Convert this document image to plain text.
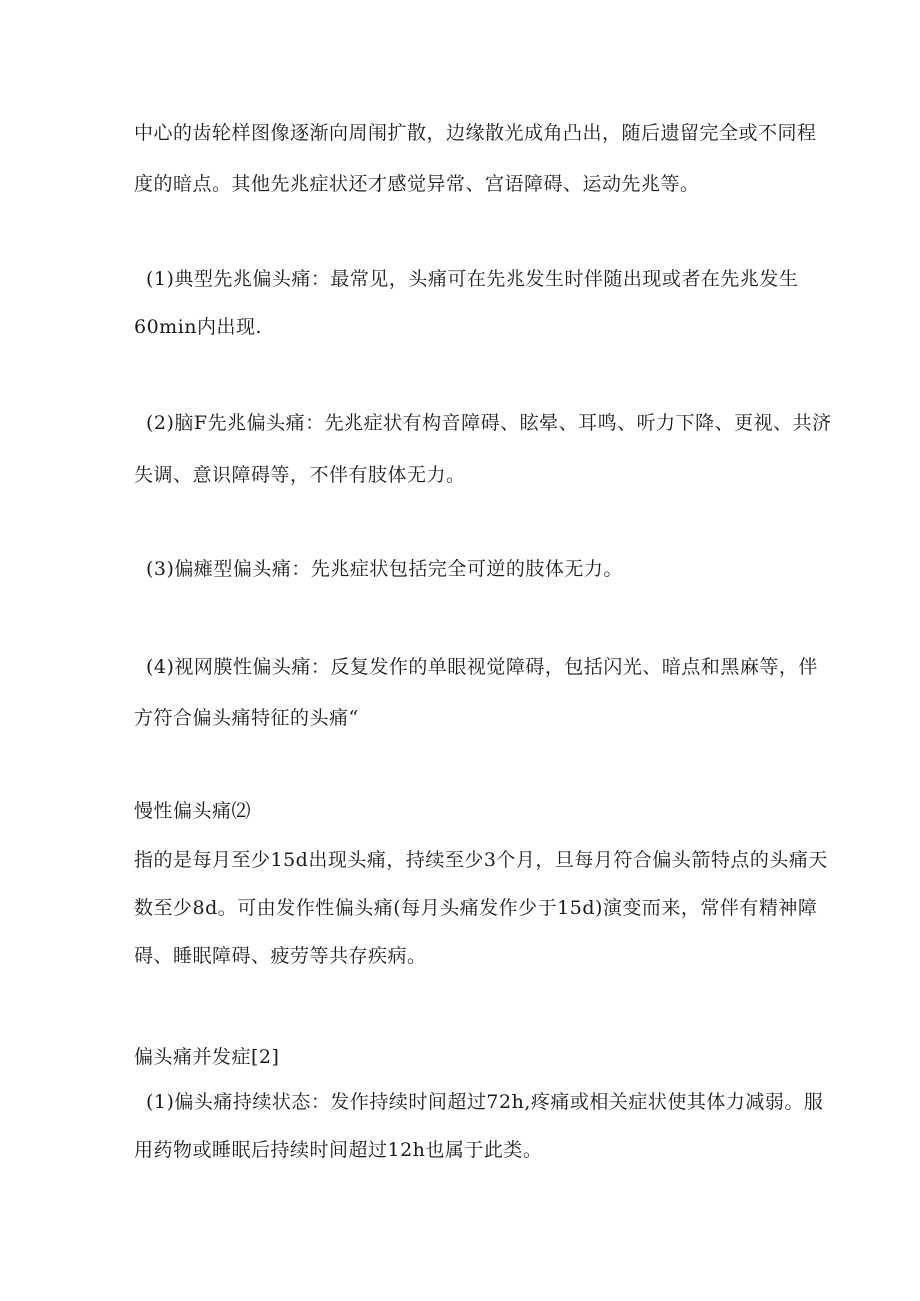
中心的齿轮样图像逐渐向周闱扩散，边缘散光成角凸出，随后遗留完全或不同程
度的暗点。其他先兆症状还才感觉异常、宫语障碍、运动先兆等。
(1)典型先兆偏头痛：最常见，头痛可在先兆发生时伴随出现或者在先兆发生
60min内出现.
(2)脑F先兆偏头痛：先兆症状有构音障碍、眩晕、耳鸣、听力下降、更视、共济
失调、意识障碍等，不伴有肢体无力。
(3)偏瘫型偏头痛：先兆症状包括完全可逆的肢体无力。
(4)视网膜性偏头痛：反复发作的单眼视觉障碍，包括闪光、暗点和黑麻等，伴
方符合偏头痛特征的头痛“
慢性偏头痛⑵
指的是每月至少15d出现头痛，持续至少3个月，旦每月符合偏头箭特点的头痛天
数至少8d。可由发作性偏头痛(每月头痛发作少于15d)演变而来，常伴有精神障
碍、睡眠障碍、疲劳等共存疾病。
偏头痛并发症[2]
(1)偏头痛持续状态：发作持续时间超过72h,疼痛或相关症状使其体力减弱。服
用药物或睡眠后持续时间超过12h也属于此类。
